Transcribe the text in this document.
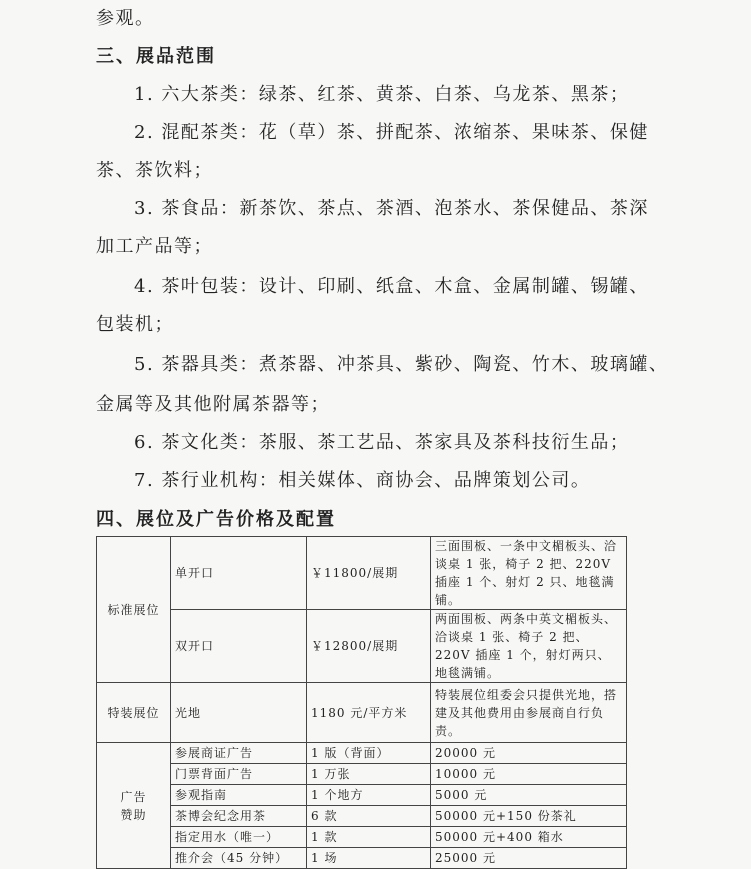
参观。
三、展品范围
1. 六大茶类：绿茶、红茶、黄茶、白茶、乌龙茶、黑茶；
2. 混配茶类：花（草）茶、拼配茶、浓缩茶、果味茶、保健
茶、茶饮料；
3. 茶食品：新茶饮、茶点、茶酒、泡茶水、茶保健品、茶深
加工产品等；
4. 茶叶包装：设计、印刷、纸盒、木盒、金属制罐、锡罐、
包装机；
5. 茶器具类：煮茶器、冲茶具、紫砂、陶瓷、竹木、玻璃罐、
金属等及其他附属茶器等；
6. 茶文化类：茶服、茶工艺品、茶家具及茶科技衍生品；
7. 茶行业机构：相关媒体、商协会、品牌策划公司。
四、展位及广告价格及配置
标准展位	单开口	￥11800/展期	三面围板、一条中文楣板头、洽谈桌 1 张，椅子 2 把、220V 插座 1 个、射灯 2 只、地毯满铺。
	双开口	￥12800/展期	两面围板、两条中英文楣板头、洽谈桌 1 张、椅子 2 把、220V 插座 1 个，射灯两只、地毯满铺。
特装展位	光地	1180 元/平方米	特装展位组委会只提供光地，搭建及其他费用由参展商自行负责。
广告
赞助	参展商证广告	1 版（背面）	20000 元
	门票背面广告	1 万张	10000 元
	参观指南	1 个地方	5000 元
	茶博会纪念用茶	6 款	50000 元+150 份茶礼
	指定用水（唯一）	1 款	50000 元+400 箱水
	推介会（45 分钟）	1 场	25000 元
